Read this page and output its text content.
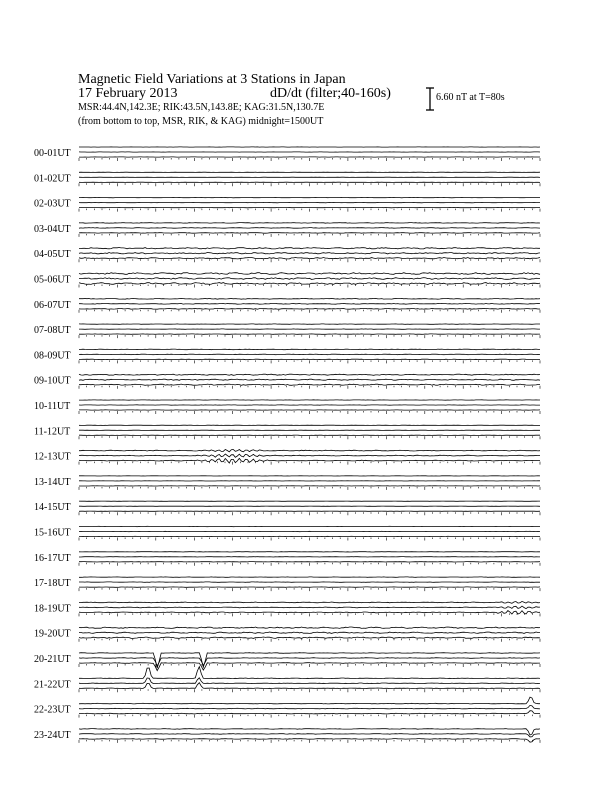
Magnetic Field Variations at 3 Stations in Japan
17 February 2013	dD/dt (filter;40-160s)
MSR:44.4N,142.3E; RIK:43.5N,143.8E; KAG:31.5N,130.7E
(from bottom to top, MSR, RIK, & KAG) midnight=1500UT
6.60 nT at T=80s
00-01UT
01-02UT
02-03UT
03-04UT
04-05UT
05-06UT
06-07UT
07-08UT
08-09UT
09-10UT
10-11UT
11-12UT
12-13UT
13-14UT
14-15UT
15-16UT
16-17UT
17-18UT
18-19UT
19-20UT
20-21UT
21-22UT
22-23UT
23-24UT
